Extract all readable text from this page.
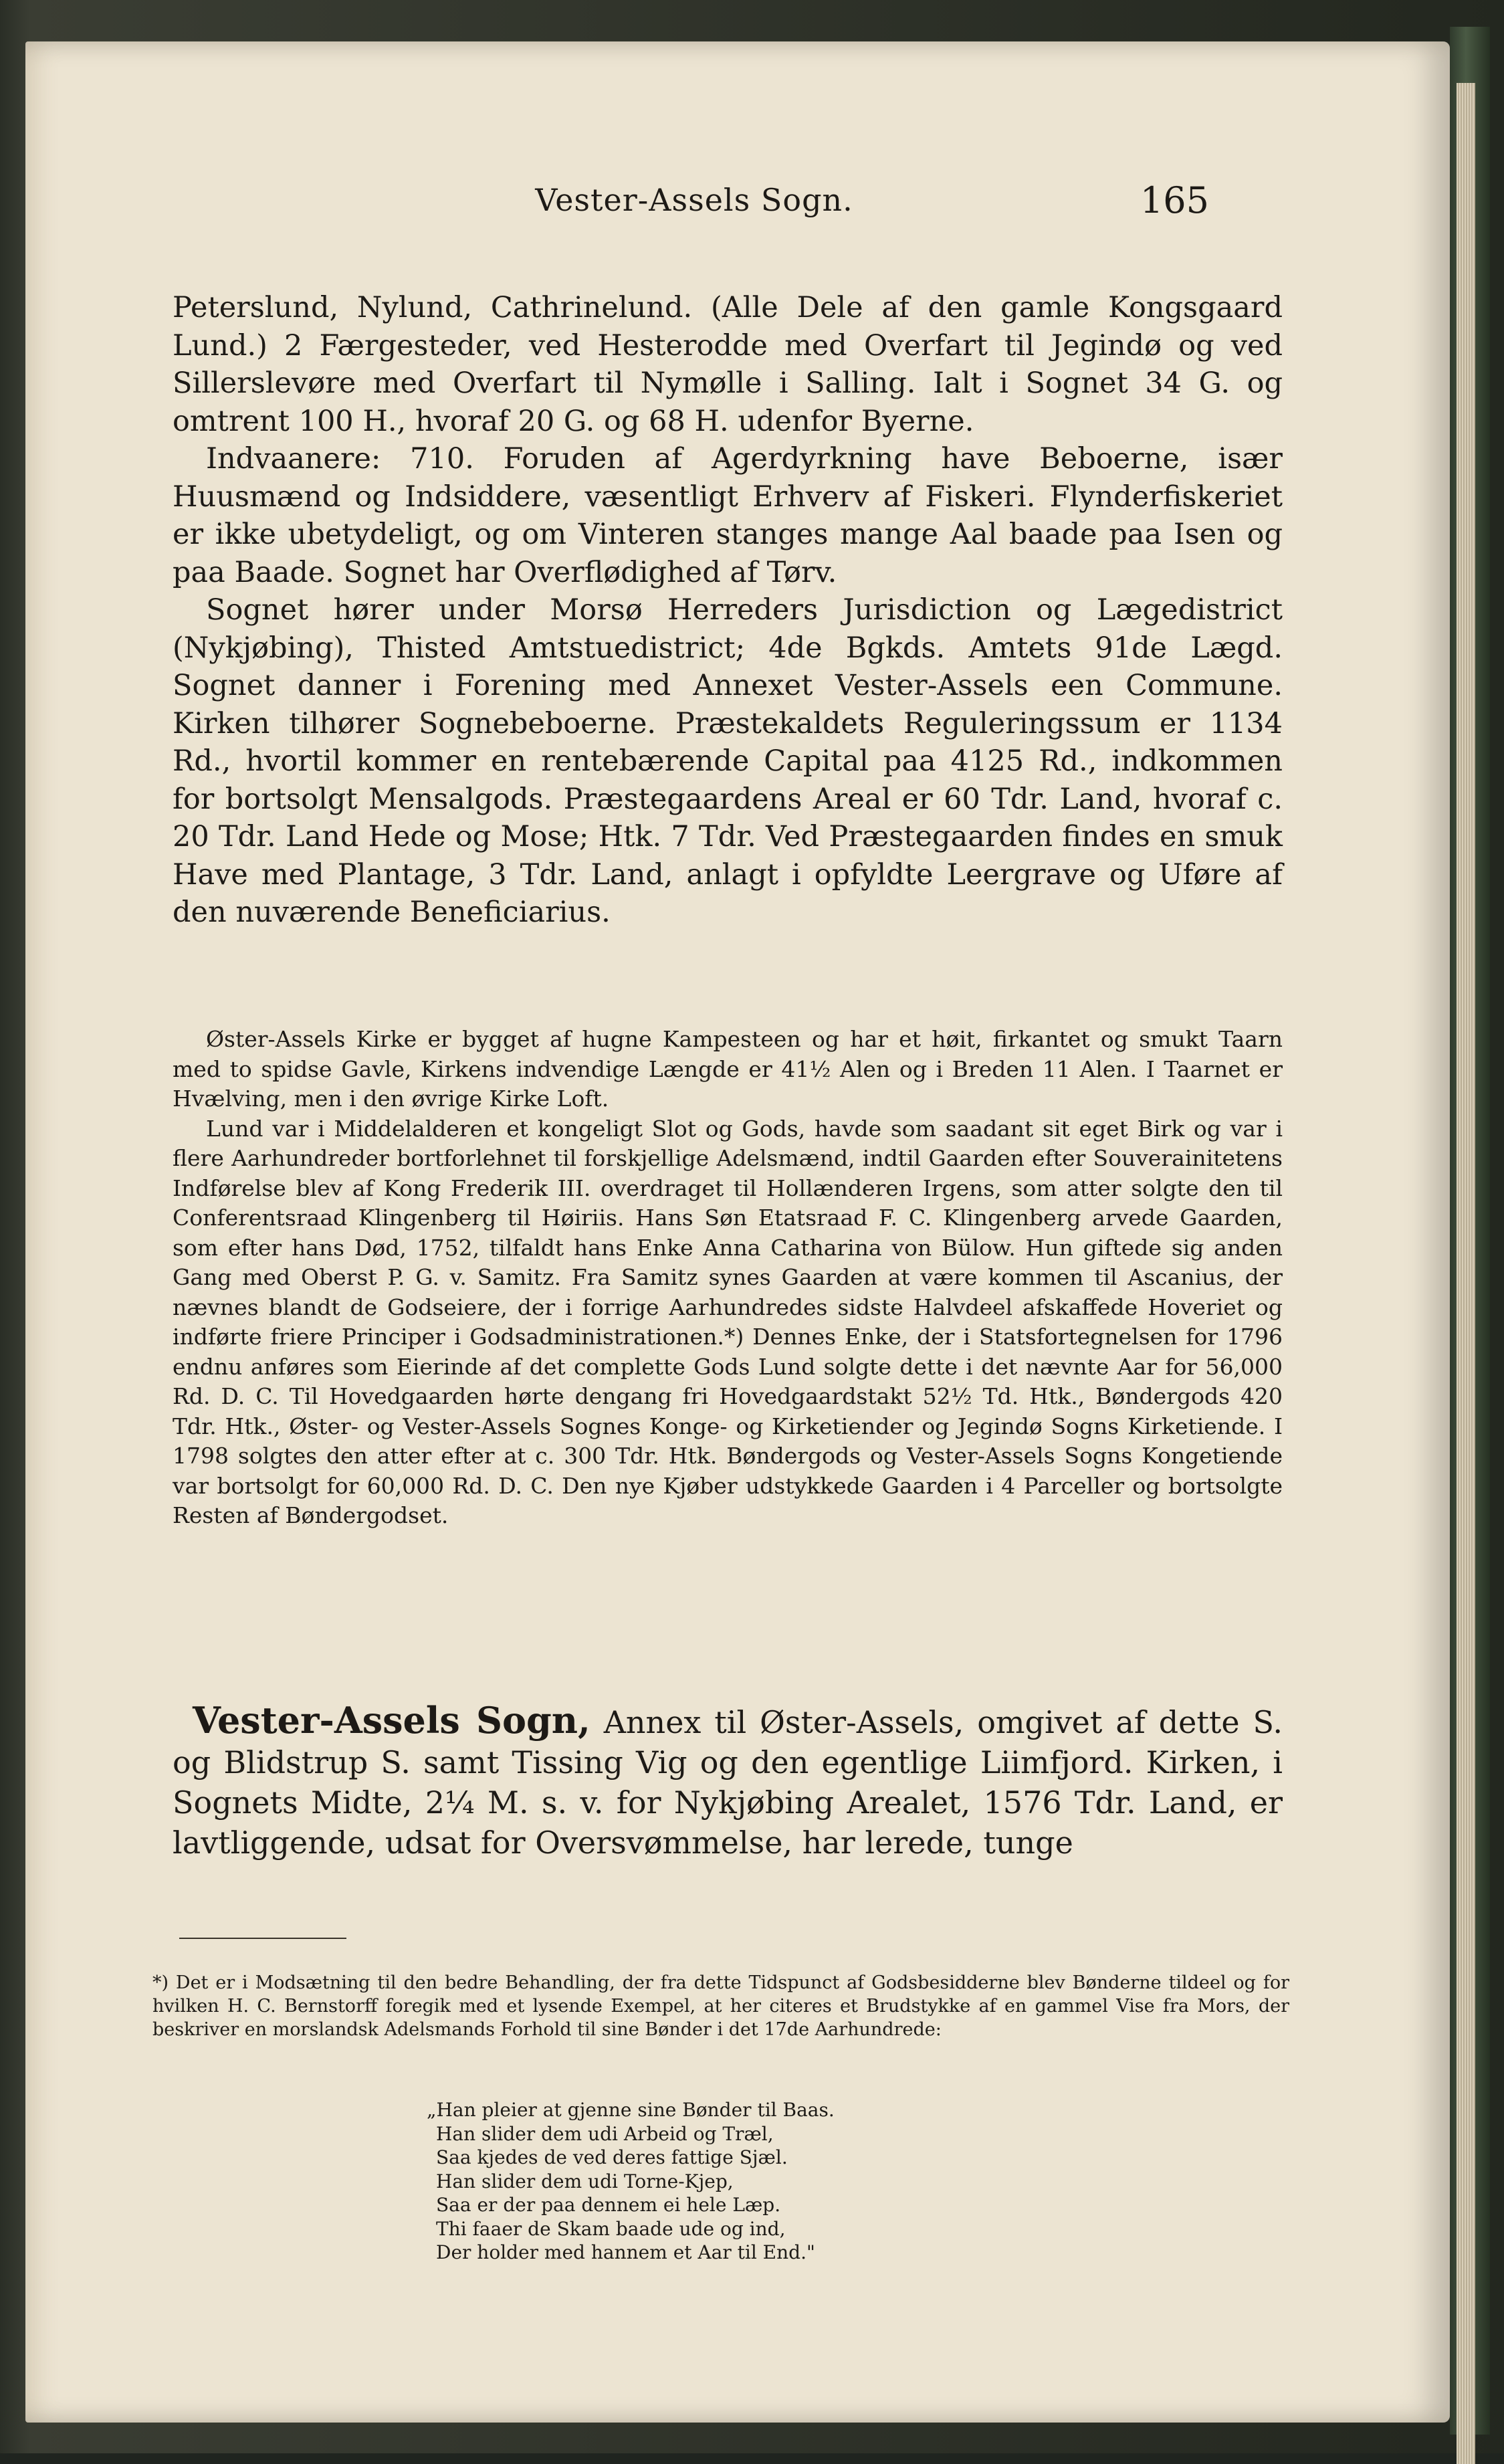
Vester-Assels Sogn.	165

Peterslund, Nylund, Cathrinelund. (Alle Dele af den gamle Kongsgaard Lund.) 2 Færgesteder, ved Hesterodde med Overfart til Jegindø og ved Sillerslevøre med Overfart til Nymølle i Salling. Ialt i Sognet 34 G. og omtrent 100 H., hvoraf 20 G. og 68 H. udenfor Byerne.

Indvaanere: 710. Foruden af Agerdyrkning have Beboerne, især Huusmænd og Indsiddere, væsentligt Erhverv af Fiskeri. Flynderfiskeriet er ikke ubetydeligt, og om Vinteren stanges mange Aal baade paa Isen og paa Baade. Sognet har Overflødighed af Tørv.

Sognet hører under Morsø Herreders Jurisdiction og Lægedistrict (Nykjøbing), Thisted Amtstuedistrict; 4de Bgkds. Amtets 91de Lægd. Sognet danner i Forening med Annexet Vester-Assels een Commune. Kirken tilhører Sognebeboerne. Præstekaldets Reguleringssum er 1134 Rd., hvortil kommer en rentebærende Capital paa 4125 Rd., indkommen for bortsolgt Mensalgods. Præstegaardens Areal er 60 Tdr. Land, hvoraf c. 20 Tdr. Land Hede og Mose; Htk. 7 Tdr. Ved Præstegaarden findes en smuk Have med Plantage, 3 Tdr. Land, anlagt i opfyldte Leergrave og Uføre af den nuværende Beneficiarius.

Øster-Assels Kirke er bygget af hugne Kampesteen og har et høit, firkantet og smukt Taarn med to spidse Gavle, Kirkens indvendige Længde er 41½ Alen og i Breden 11 Alen. I Taarnet er Hvælving, men i den øvrige Kirke Loft.

Lund var i Middelalderen et kongeligt Slot og Gods, havde som saadant sit eget Birk og var i flere Aarhundreder bortforlehnet til forskjellige Adelsmænd, indtil Gaarden efter Souverainitetens Indførelse blev af Kong Frederik III. overdraget til Hollænderen Irgens, som atter solgte den til Conferentsraad Klingenberg til Høiriis. Hans Søn Etatsraad F. C. Klingenberg arvede Gaarden, som efter hans Død, 1752, tilfaldt hans Enke Anna Catharina von Bülow. Hun giftede sig anden Gang med Oberst P. G. v. Samitz. Fra Samitz synes Gaarden at være kommen til Ascanius, der nævnes blandt de Godseiere, der i forrige Aarhundredes sidste Halvdeel afskaffede Hoveriet og indførte friere Principer i Godsadministrationen.*) Dennes Enke, der i Statsfortegnelsen for 1796 endnu anføres som Eierinde af det complette Gods Lund solgte dette i det nævnte Aar for 56,000 Rd. D. C. Til Hovedgaarden hørte dengang fri Hovedgaardstakt 52½ Td. Htk., Bøndergods 420 Tdr. Htk., Øster- og Vester-Assels Sognes Konge- og Kirketiender og Jegindø Sogns Kirketiende. I 1798 solgtes den atter efter at c. 300 Tdr. Htk. Bøndergods og Vester-Assels Sogns Kongetiende var bortsolgt for 60,000 Rd. D. C. Den nye Kjøber udstykkede Gaarden i 4 Parceller og bortsolgte Resten af Bøndergodset.

Vester-Assels Sogn, Annex til Øster-Assels, omgivet af dette S. og Blidstrup S. samt Tissing Vig og den egentlige Liimfjord. Kirken, i Sognets Midte, 2¼ M. s. v. for Nykjøbing Arealet, 1576 Tdr. Land, er lavtliggende, udsat for Oversvømmelse, har lerede, tunge

*) Det er i Modsætning til den bedre Behandling, der fra dette Tidspunct af Godsbesidderne blev Bønderne tildeel og for hvilken H. C. Bernstorff foregik med et lysende Exempel, at her citeres et Brudstykke af en gammel Vise fra Mors, der beskriver en morslandsk Adelsmands Forhold til sine Bønder i det 17de Aarhundrede:

„Han pleier at gjenne sine Bønder til Baas.
Han slider dem udi Arbeid og Træl,
Saa kjedes de ved deres fattige Sjæl.
Han slider dem udi Torne-Kjep,
Saa er der paa dennem ei hele Læp.
Thi faaer de Skam baade ude og ind,
Der holder med hannem et Aar til End."
